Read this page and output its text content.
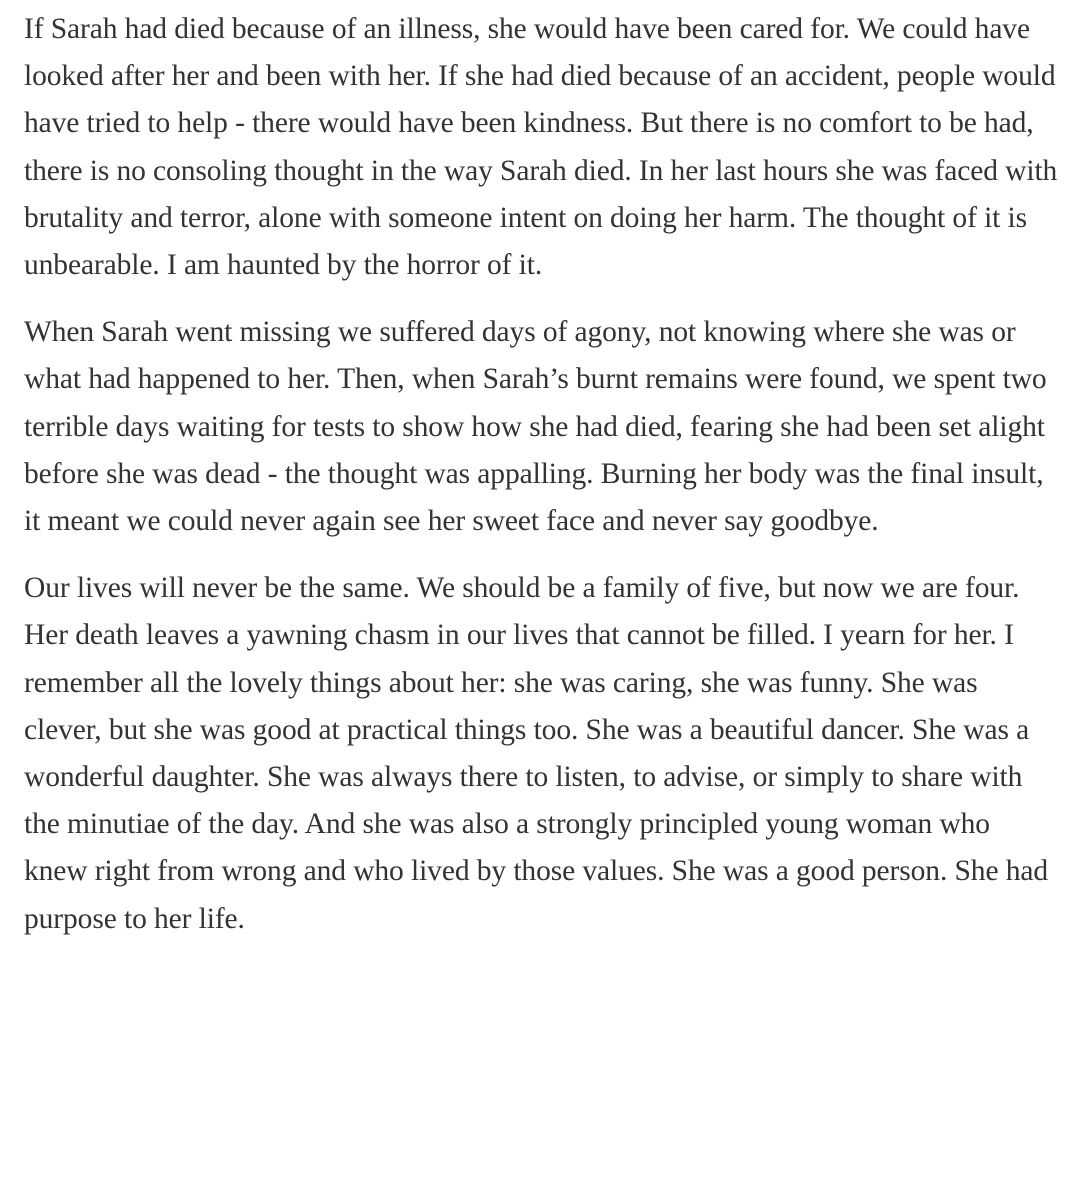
If Sarah had died because of an illness, she would have been cared for. We could have looked after her and been with her. If she had died because of an accident, people would have tried to help - there would have been kindness. But there is no comfort to be had, there is no consoling thought in the way Sarah died. In her last hours she was faced with brutality and terror, alone with someone intent on doing her harm. The thought of it is unbearable. I am haunted by the horror of it.

When Sarah went missing we suffered days of agony, not knowing where she was or what had happened to her. Then, when Sarah’s burnt remains were found, we spent two terrible days waiting for tests to show how she had died, fearing she had been set alight before she was dead - the thought was appalling. Burning her body was the final insult, it meant we could never again see her sweet face and never say goodbye.

Our lives will never be the same. We should be a family of five, but now we are four. Her death leaves a yawning chasm in our lives that cannot be filled. I yearn for her. I remember all the lovely things about her: she was caring, she was funny. She was clever, but she was good at practical things too. She was a beautiful dancer. She was a wonderful daughter. She was always there to listen, to advise, or simply to share with the minutiae of the day. And she was also a strongly principled young woman who knew right from wrong and who lived by those values. She was a good person. She had purpose to her life.
